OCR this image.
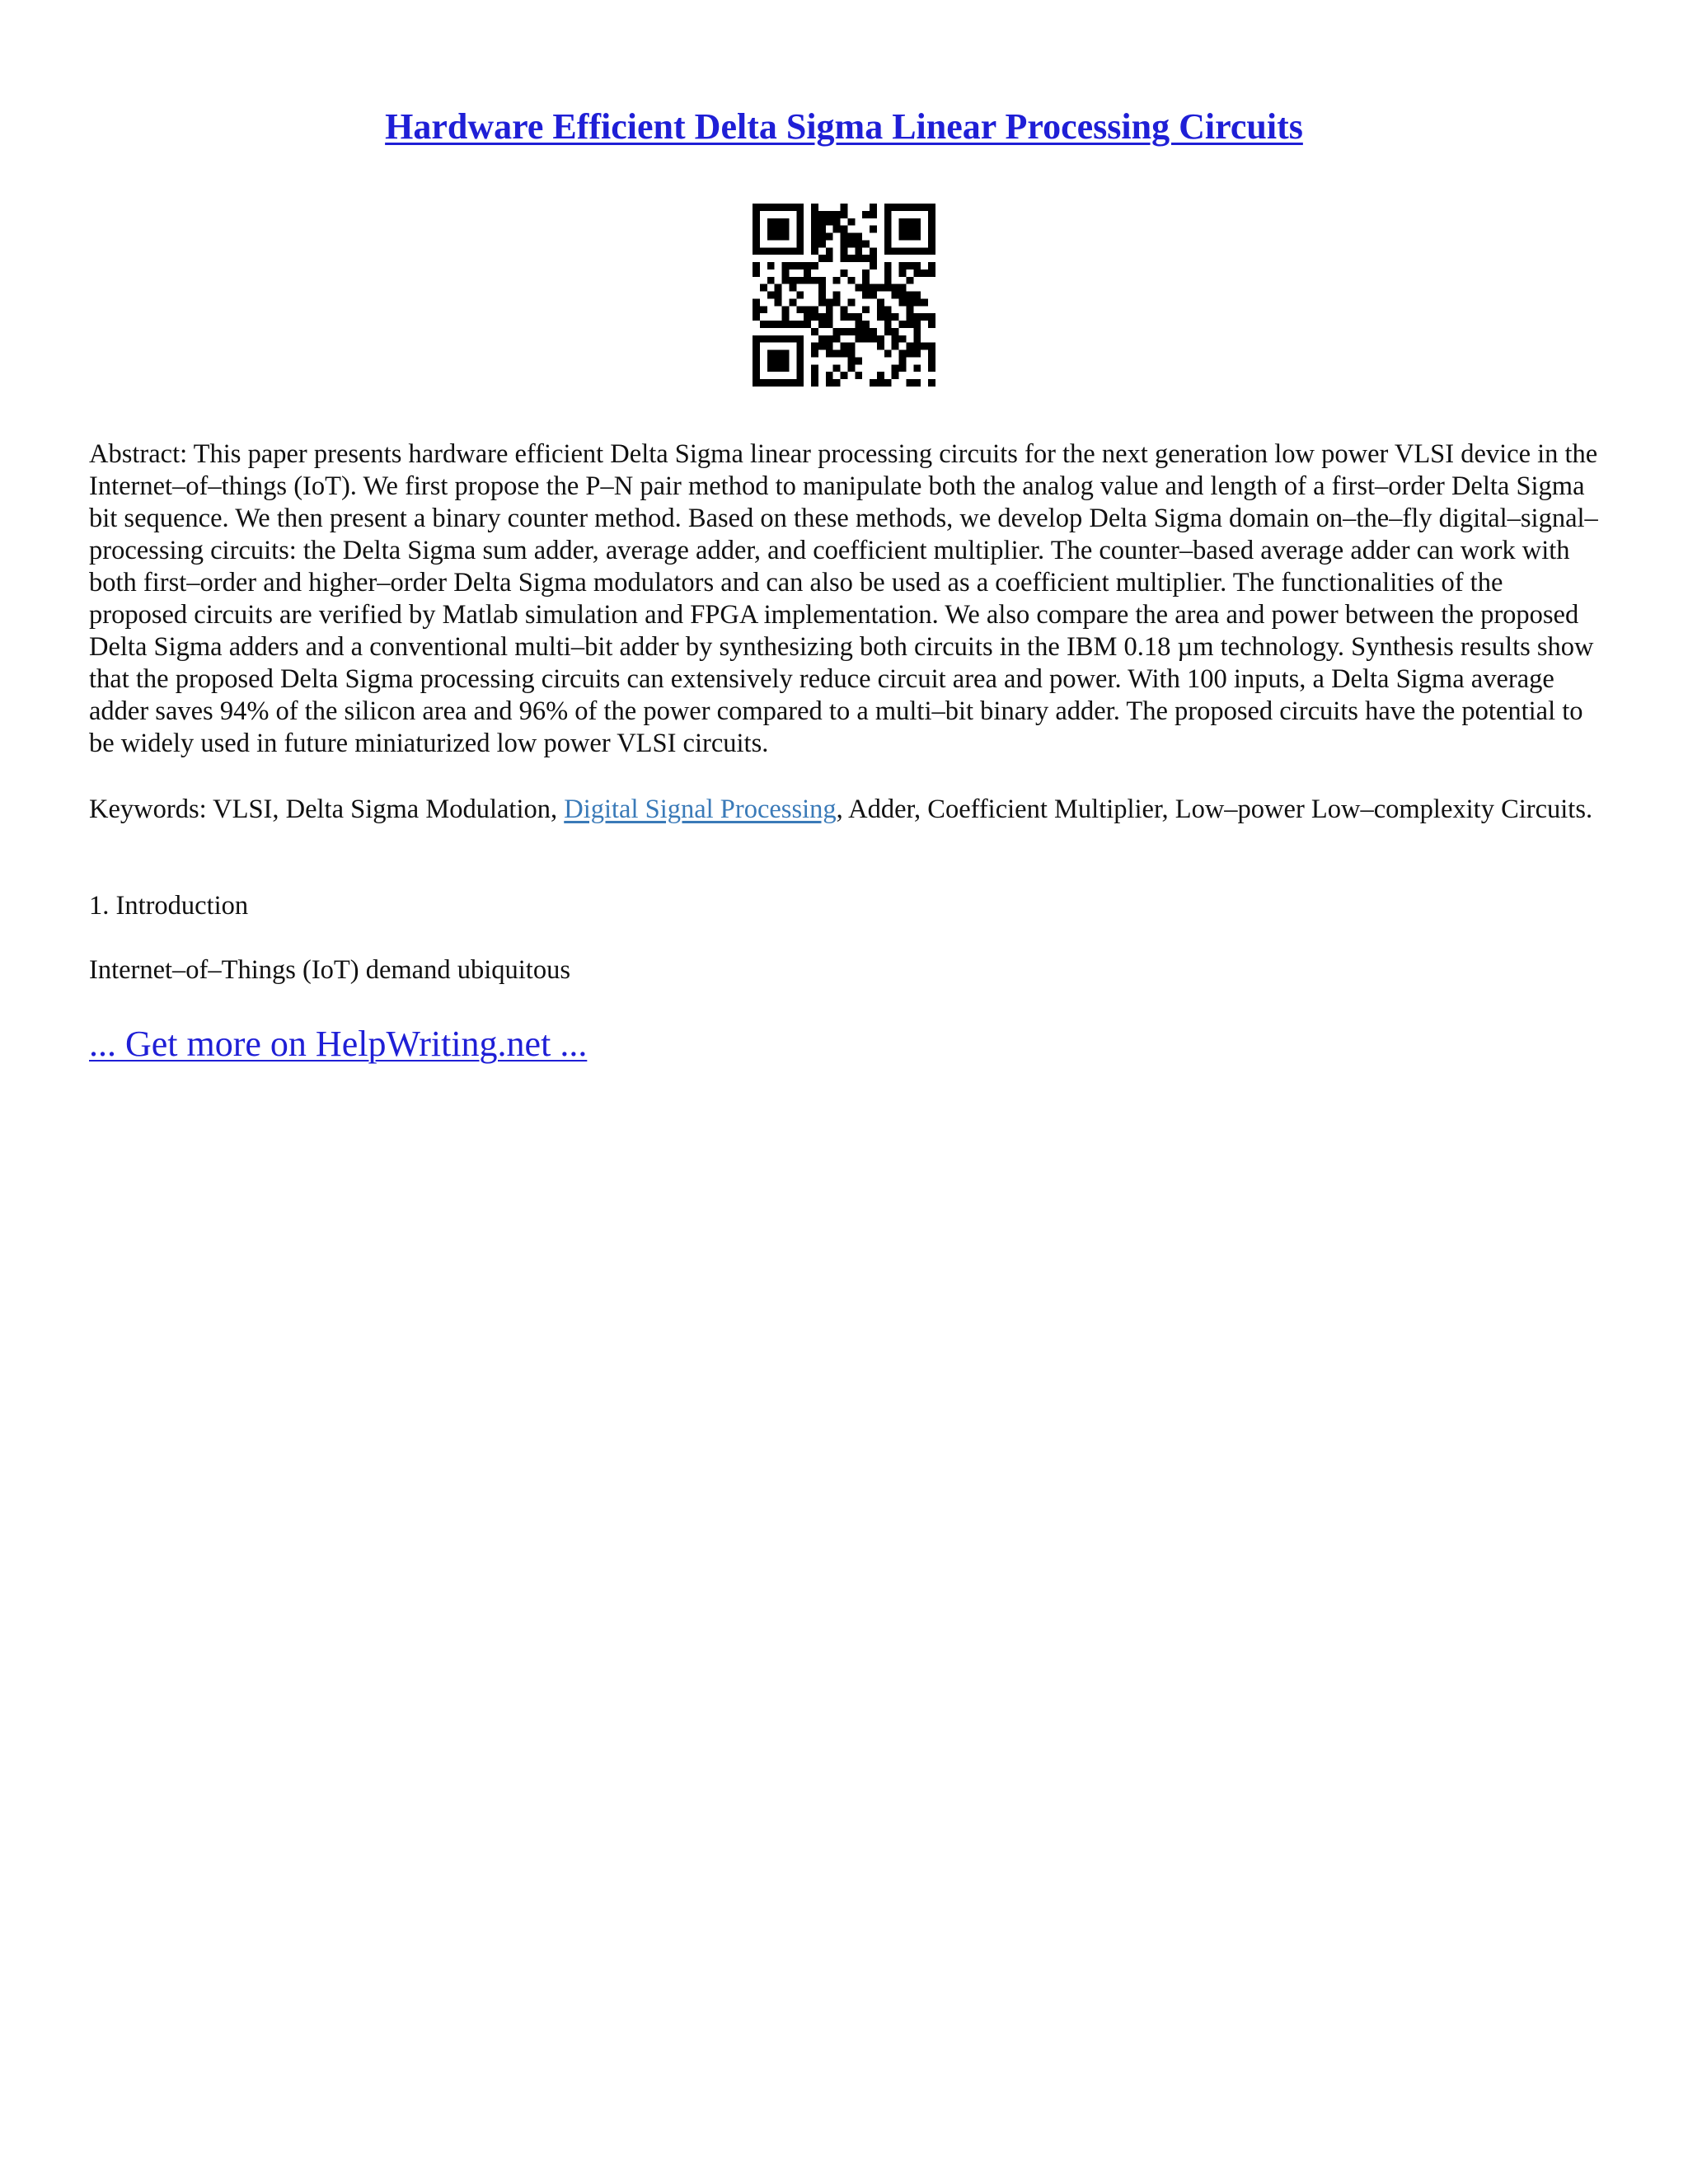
Hardware Efficient Delta Sigma Linear Processing Circuits

Abstract: This paper presents hardware efficient Delta Sigma linear processing circuits for the next generation low power VLSI device in the Internet–of–things (IoT). We first propose the P–N pair method to manipulate both the analog value and length of a first–order Delta Sigma bit sequence. We then present a binary counter method. Based on these methods, we develop Delta Sigma domain on–the–fly digital–signal–processing circuits: the Delta Sigma sum adder, average adder, and coefficient multiplier. The counter–based average adder can work with both first–order and higher–order Delta Sigma modulators and can also be used as a coefficient multiplier. The functionalities of the proposed circuits are verified by Matlab simulation and FPGA implementation. We also compare the area and power between the proposed Delta Sigma adders and a conventional multi–bit adder by synthesizing both circuits in the IBM 0.18 µm technology. Synthesis results show that the proposed Delta Sigma processing circuits can extensively reduce circuit area and power. With 100 inputs, a Delta Sigma average adder saves 94% of the silicon area and 96% of the power compared to a multi–bit binary adder. The proposed circuits have the potential to be widely used in future miniaturized low power VLSI circuits.

Keywords: VLSI, Delta Sigma Modulation, Digital Signal Processing, Adder, Coefficient Multiplier, Low–power Low–complexity Circuits.

1. Introduction

Internet–of–Things (IoT) demand ubiquitous

... Get more on HelpWriting.net ...
